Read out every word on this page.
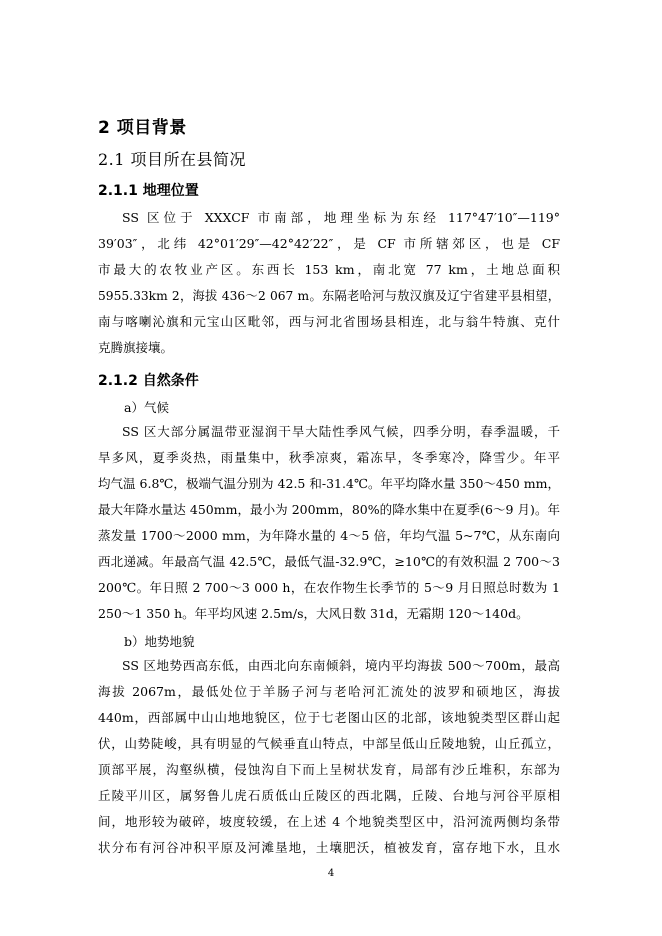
2 项目背景
2.1 项目所在县简况
2.1.1 地理位置
SS 区位于 XXXCF 市南部，地理坐标为东经 117°47′10″—119°
39′03″，北纬 42°01′29″—42°42′22″，是 CF 市所辖郊区，也是 CF
市最大的农牧业产区。东西长 153 km，南北宽 77 km，土地总面积
5955.33km 2，海拔 436～2 067 m。东隔老哈河与敖汉旗及辽宁省建平县相望，
南与喀喇沁旗和元宝山区毗邻，西与河北省围场县相连，北与翁牛特旗、克什
克腾旗接壤。
2.1.2 自然条件
a）气候
SS 区大部分属温带亚湿润干旱大陆性季风气候，四季分明，春季温暖，千
旱多风，夏季炎热，雨量集中，秋季凉爽，霜冻早，冬季寒冷，降雪少。年平
均气温 6.8℃，极端气温分别为 42.5 和-31.4℃。年平均降水量 350～450 mm，
最大年降水量达 450mm，最小为 200mm，80%的降水集中在夏季(6～9 月)。年
蒸发量 1700～2000 mm，为年降水量的 4～5 倍，年均气温 5~7℃，从东南向
西北递减。年最高气温 42.5℃，最低气温-32.9℃，≥10℃的有效积温 2 700～3
200℃。年日照 2 700～3 000 h，在农作物生长季节的 5～9 月日照总时数为 1
250～1 350 h。年平均风速 2.5m/s，大风日数 31d，无霜期 120～140d。
b）地势地貌
SS 区地势西高东低，由西北向东南倾斜，境内平均海拔 500～700m，最高
海拔 2067m，最低处位于羊肠子河与老哈河汇流处的波罗和硕地区，海拔
440m，西部属中山山地地貌区，位于七老图山区的北部，该地貌类型区群山起
伏，山势陡峻，具有明显的气候垂直山特点，中部呈低山丘陵地貌，山丘孤立，
顶部平展，沟壑纵横，侵蚀沟自下而上呈树状发育，局部有沙丘堆积，东部为
丘陵平川区，属努鲁儿虎石质低山丘陵区的西北隅，丘陵、台地与河谷平原相
间，地形较为破碎，坡度较缓，在上述 4 个地貌类型区中，沿河流两侧均条带
状分布有河谷冲积平原及河滩垦地，土壤肥沃，植被发育，富存地下水，且水
4
